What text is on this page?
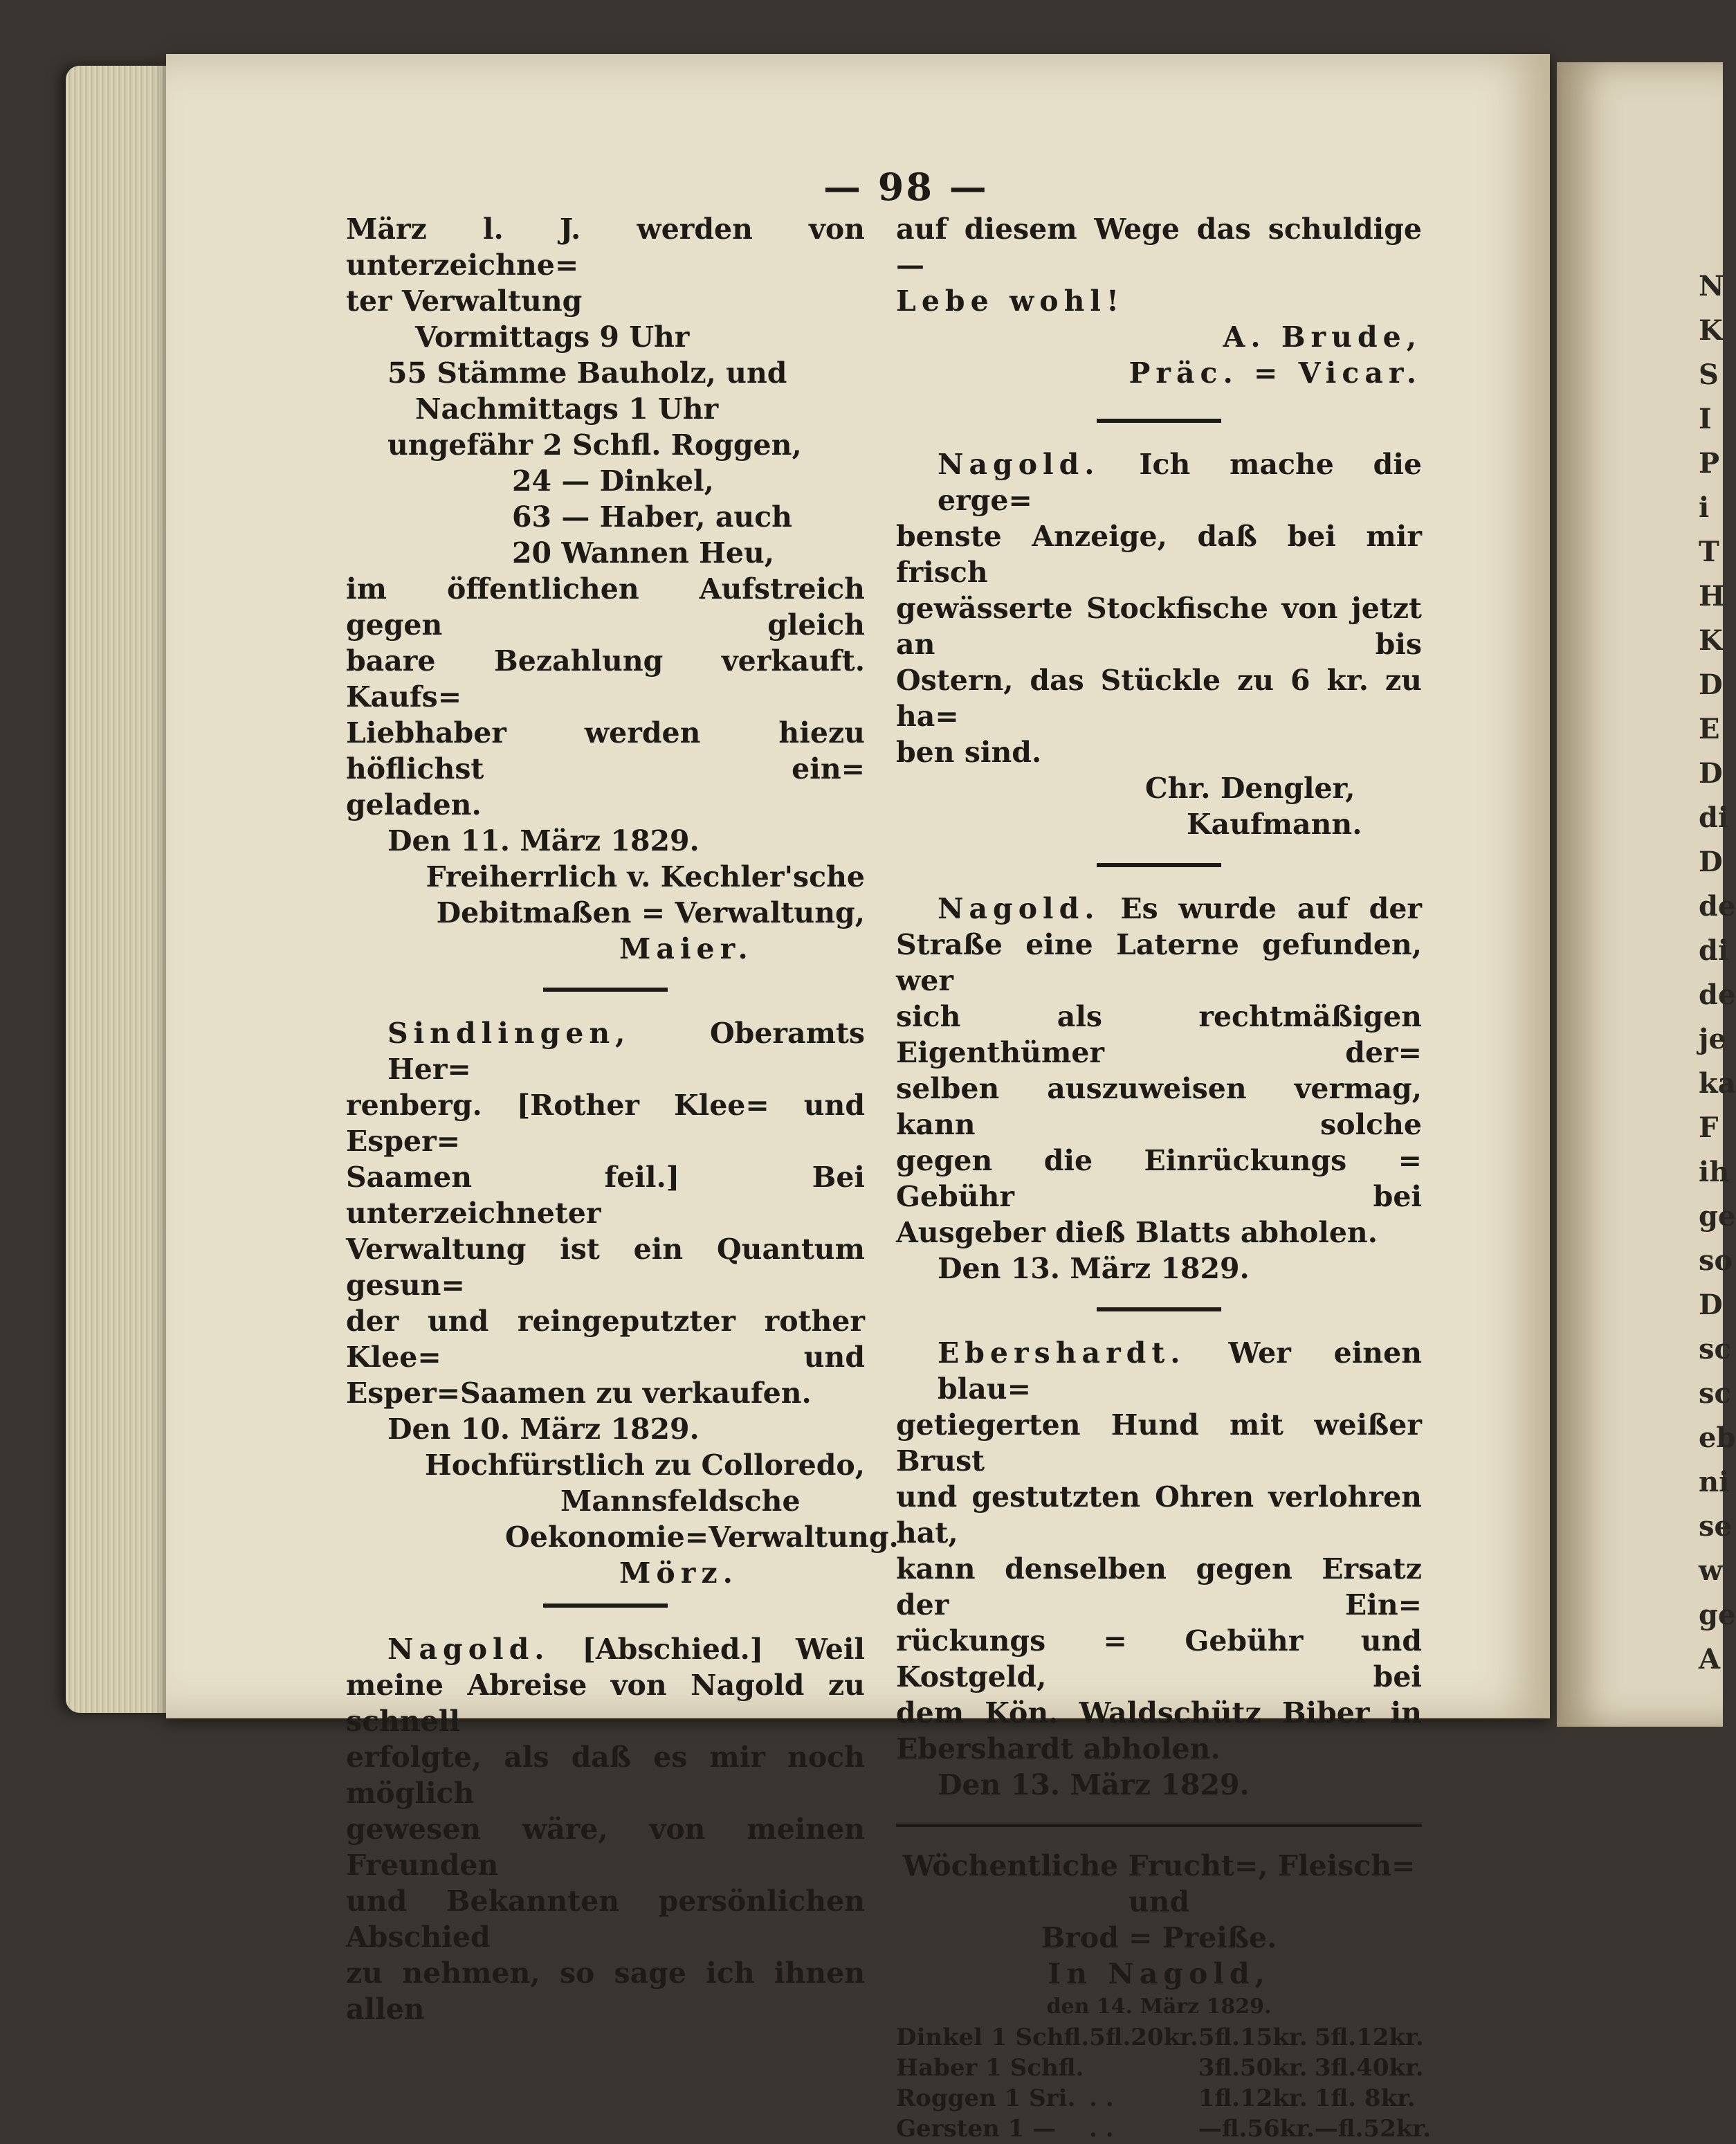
N
K
S
I
P
i
T
H
K
D
E
D
di
D
de
di
de
je
ka
F
ih
ge
so
D
sc
sc
eb
ni
se
w
ge
A
— 98 —

März l. J. werden von unterzeichne=

ter Verwaltung

Vormittags 9 Uhr

55 Stämme Bauholz, und

Nachmittags 1 Uhr

ungefähr 2 Schfl. Roggen,

24 — Dinkel,

63 — Haber, auch

20 Wannen Heu,

im öffentlichen Aufstreich gegen gleich

baare Bezahlung verkauft. Kaufs=

Liebhaber werden hiezu höflichst ein=

geladen.

Den 11. März 1829.

Freiherrlich v. Kechler'sche

Debitmaßen = Verwaltung,

Maier.

Sindlingen,	Oberamts Her=

renberg. [Rother Klee= und Esper=

Saamen feil.] Bei unterzeichneter

Verwaltung ist ein Quantum gesun=

der und reingeputzter rother Klee= und

Esper=Saamen zu verkaufen.

Den 10. März 1829.

Hochfürstlich zu Colloredo,

Mannsfeldsche

Oekonomie=Verwaltung.

Mörz.

Nagold. [Abschied.] Weil

meine Abreise von Nagold zu schnell

erfolgte, als daß es mir noch möglich

gewesen wäre, von meinen Freunden

und Bekannten persönlichen Abschied

zu nehmen, so sage ich ihnen allen

auf diesem Wege das schuldige —

Lebe wohl!

A. Brude,

Präc. = Vicar.

Nagold. Ich mache die erge=

benste Anzeige, daß bei mir frisch

gewässerte Stockfische von jetzt an bis

Ostern, das Stückle zu 6 kr. zu ha=

ben sind.

Chr. Dengler,

Kaufmann.

Nagold. Es wurde auf der

Straße eine Laterne gefunden, wer

sich als rechtmäßigen Eigenthümer der=

selben auszuweisen vermag, kann solche

gegen die Einrückungs = Gebühr bei

Ausgeber dieß Blatts abholen.

Den 13. März 1829.

Ebershardt. Wer einen blau=

getiegerten Hund mit weißer Brust

und gestutzten Ohren verlohren hat,

kann denselben gegen Ersatz der Ein=

rückungs = Gebühr und Kostgeld, bei

dem Kön. Waldschütz Biber in

Ebershardt abholen.

Den 13. März 1829.

Wöchentliche Frucht=, Fleisch= und

Brod = Preiße.

In Nagold,

den 14. März 1829.

Dinkel 1 Schfl.	5fl.20kr.	5fl.15kr.	5fl.12kr.
Haber 1 Schfl.		3fl.50kr.	3fl.40kr.
Roggen 1 Sri.	. .	1fl.12kr.	1fl. 8kr.
Gersten 1 —	. .	—fl.56kr.	—fl.52kr.
